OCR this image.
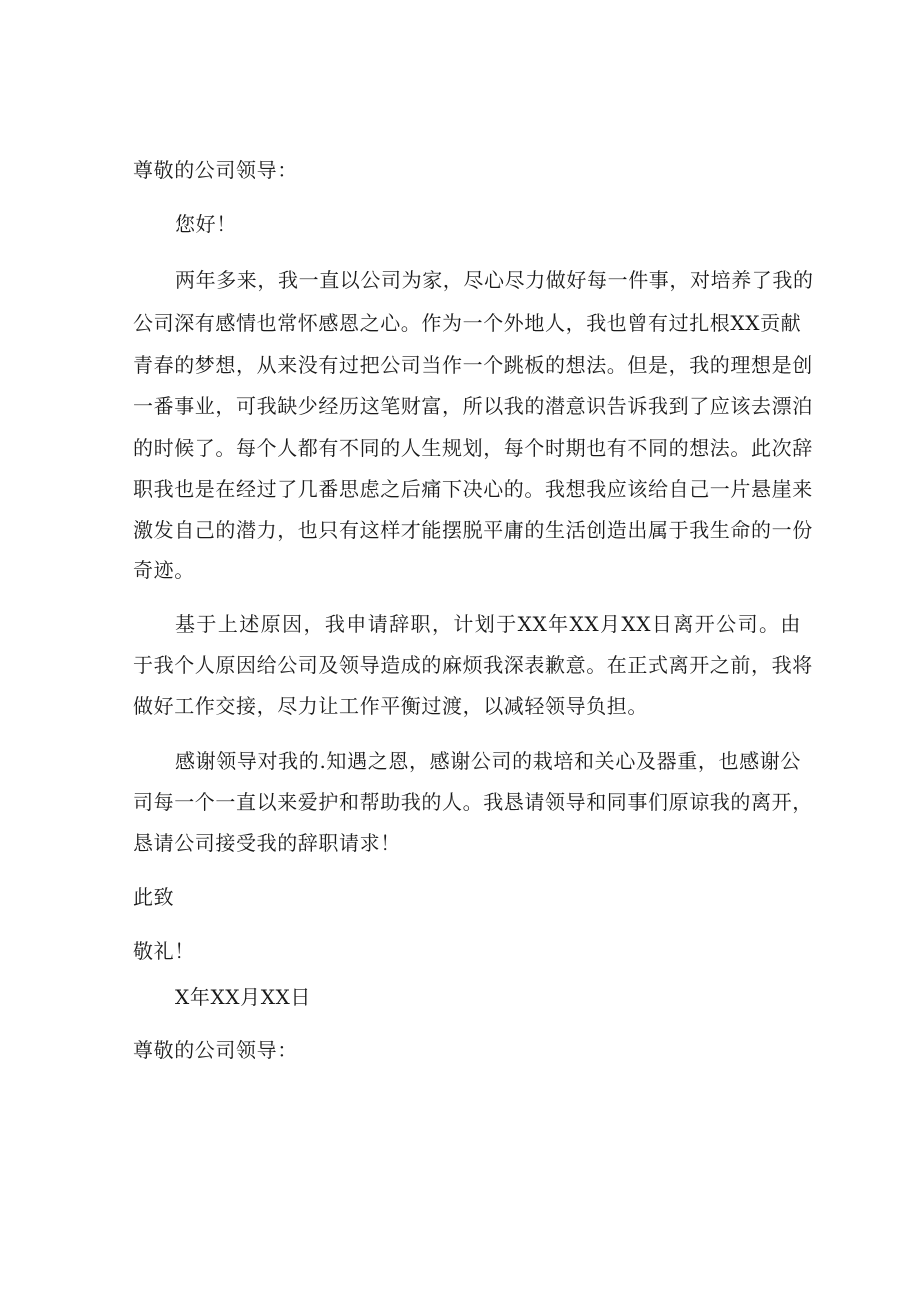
尊敬的公司领导：
您好！
两年多来，我一直以公司为家，尽心尽力做好每一件事，对培养了我的
公司深有感情也常怀感恩之心。作为一个外地人，我也曾有过扎根XX贡献
青春的梦想，从来没有过把公司当作一个跳板的想法。但是，我的理想是创
一番事业，可我缺少经历这笔财富，所以我的潜意识告诉我到了应该去漂泊
的时候了。每个人都有不同的人生规划，每个时期也有不同的想法。此次辞
职我也是在经过了几番思虑之后痛下决心的。我想我应该给自己一片悬崖来
激发自己的潜力，也只有这样才能摆脱平庸的生活创造出属于我生命的一份
奇迹。
基于上述原因，我申请辞职，计划于XX年XX月XX日离开公司。由
于我个人原因给公司及领导造成的麻烦我深表歉意。在正式离开之前，我将
做好工作交接，尽力让工作平衡过渡，以减轻领导负担。
感谢领导对我的.知遇之恩，感谢公司的栽培和关心及器重，也感谢公
司每一个一直以来爱护和帮助我的人。我恳请领导和同事们原谅我的离开，
恳请公司接受我的辞职请求！
此致
敬礼！
X年XX月XX日
尊敬的公司领导：
